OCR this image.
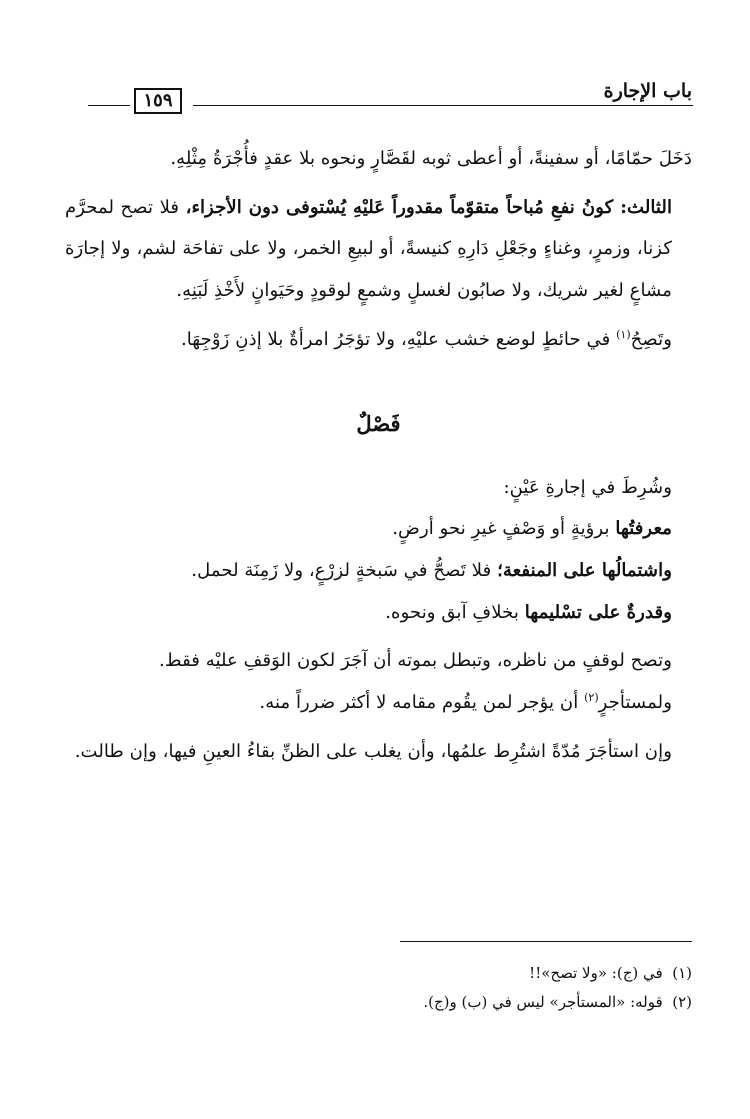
باب الإجارة
١٥٩

دَخَلَ حمّامًا، أو سفينةً، أو أعطى ثوبه لقَصَّارٍ ونحوه بلا عقدٍ فأُجْرَةُ مِثْلِهِ.

الثالث: كونُ نفعِ مُباحاً متقوّماً مقدوراً عَليْهِ يُسْتوفى دون الأجزاء، فلا تصح لمحرَّم كزنا، وزمرٍ، وغناءٍ وجَعْلِ دَارِهِ كنيسةً، أو لبيعِ الخمر، ولا على تفاحَة لشم، ولا إجارَة مشاعٍ لغير شريك، ولا صابُون لغسلٍ وشمعٍ لوقودٍ وحَيَوانٍ لأَخْذِ لَبَنِهِ.

وتَصِحُ$^{(١)}$ في حائطٍ لوضع خشب عليْهِ، ولا تؤجَرُ امرأةٌ بلا إذنِ زَوْجِهَا.

فَصْلٌ

وشُرِطَ في إجارةِ عَيْنٍ:

معرفتُها برؤيةٍ أو وَصْفٍ غيرِ نحو أرضٍ.

واشتمالُها على المنفعة؛ فلا تَصحُّ في سَبخةٍ لزرْعٍ، ولا زَمِنَة لحمل.

وقدرةٌ على تسْليمها بخلافِ آبق ونحوه.

وتصح لوقفٍ من ناظره، وتبطل بموته أن آجَرَ لكون الوَقفِ عليْه فقط.

ولمستأجرٍ$^{(٢)}$ أن يؤجر لمن يقُوم مقامه لا أكثر ضرراً منه.

وإن استأجَرَ مُدّةً اشتُرِط علمُها، وأن يغلب على الظنِّ بقاءُ العينِ فيها، وإن طالت.

(١)  في (ج): «ولا تصح»!!

(٢)  قوله: «المستأجر» ليس في (ب) و(ج).
